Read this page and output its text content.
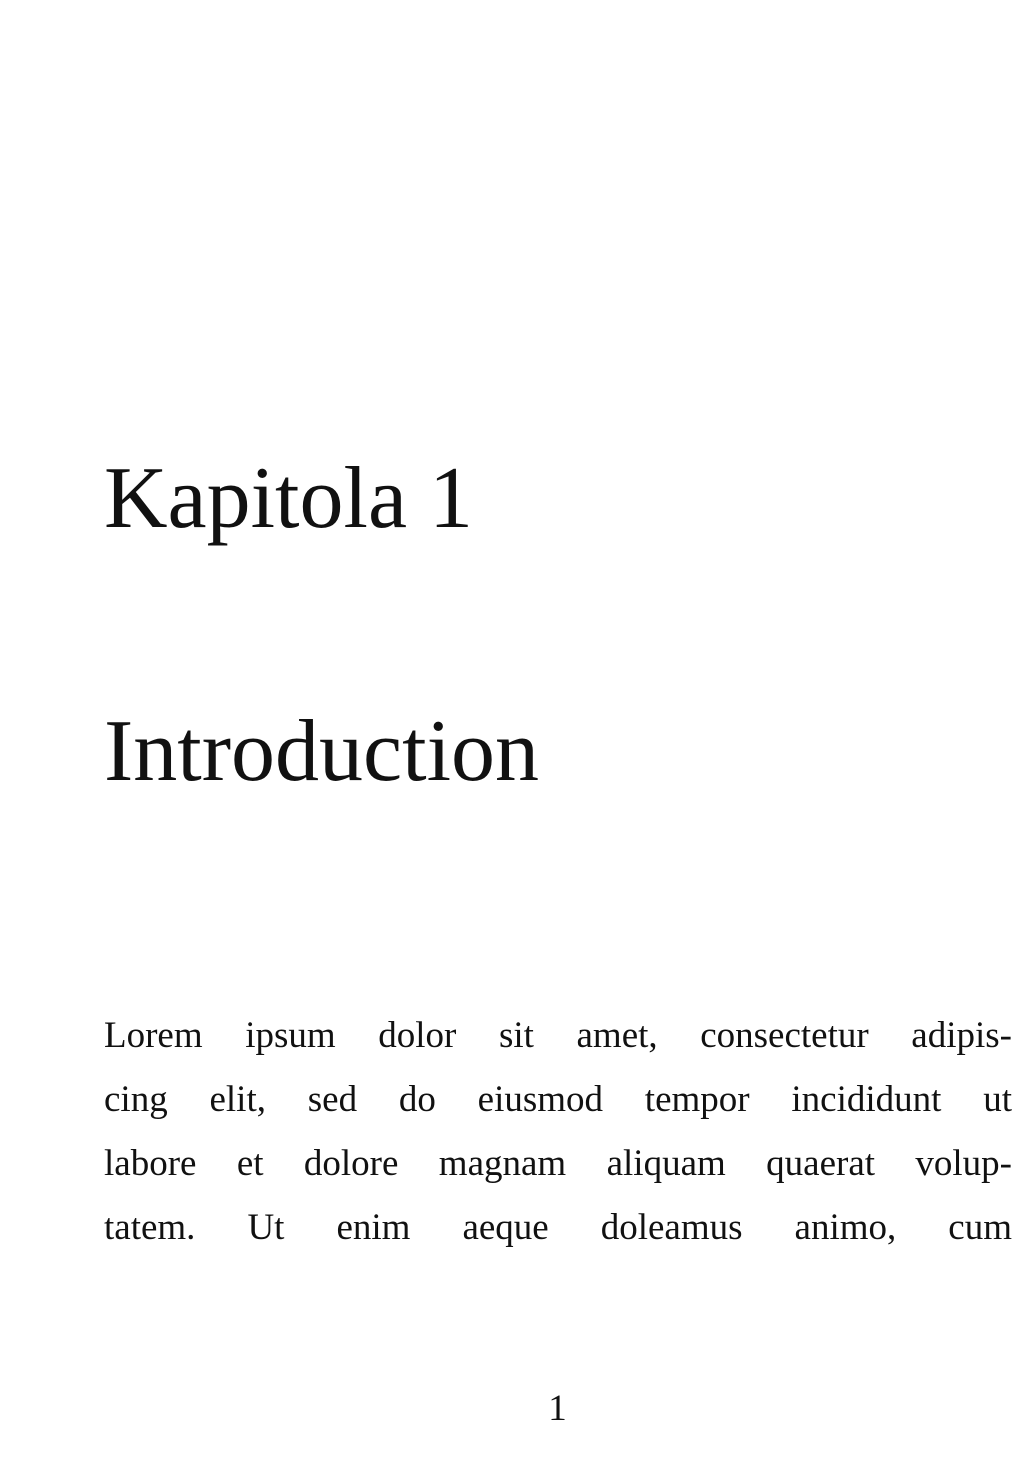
Kapitola 1
Introduction
Lorem ipsum dolor sit amet, consectetur adipis-
cing elit, sed do eiusmod tempor incididunt ut
labore et dolore magnam aliquam quaerat volup-
tatem. Ut enim aeque doleamus animo, cum
1
